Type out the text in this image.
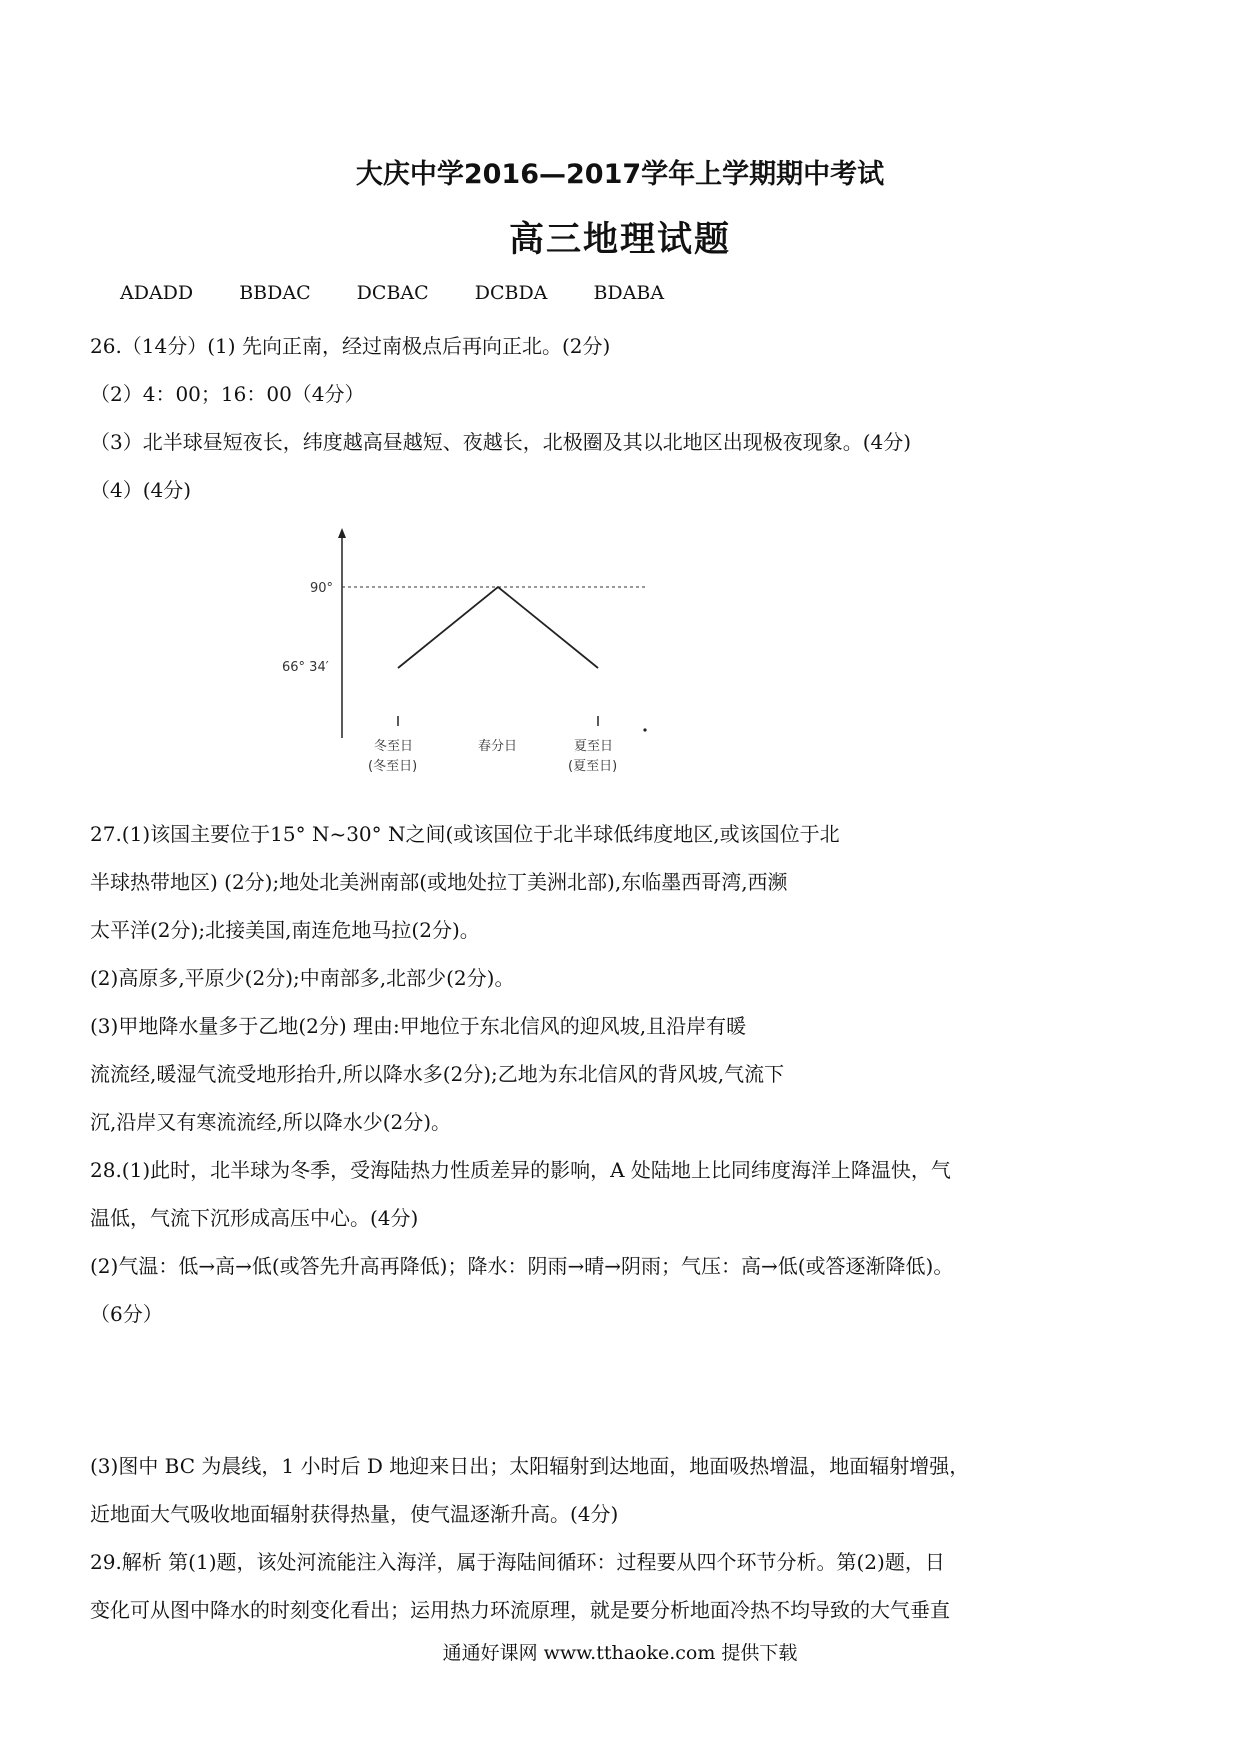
大庆中学2016—2017学年上学期期中考试
高三地理试题
ADADD BBDAC DCBAC DCBDA BDABA
26.（14分）(1) 先向正南，经过南极点后再向正北。(2分)
（2）4：00；16：00（4分）
（3）北半球昼短夜长，纬度越高昼越短、夜越长，北极圈及其以北地区出现极夜现象。(4分)
（4）(4分)
90°
66° 34′
冬至日
(冬至日)
春分日	夏至日
(夏至日)
27.(1)该国主要位于15° N~30° N之间(或该国位于北半球低纬度地区,或该国位于北
半球热带地区) (2分);地处北美洲南部(或地处拉丁美洲北部),东临墨西哥湾,西濒
太平洋(2分);北接美国,南连危地马拉(2分)。
(2)高原多,平原少(2分);中南部多,北部少(2分)。
(3)甲地降水量多于乙地(2分) 理由:甲地位于东北信风的迎风坡,且沿岸有暖
流流经,暖湿气流受地形抬升,所以降水多(2分);乙地为东北信风的背风坡,气流下
沉,沿岸又有寒流流经,所以降水少(2分)。
28.(1)此时，北半球为冬季，受海陆热力性质差异的影响，A 处陆地上比同纬度海洋上降温快，气
温低，气流下沉形成高压中心。(4分)
(2)气温：低→高→低(或答先升高再降低)；降水：阴雨→晴→阴雨；气压：高→低(或答逐渐降低)。
（6分）
(3)图中 BC 为晨线，1 小时后 D 地迎来日出；太阳辐射到达地面，地面吸热增温，地面辐射增强，
近地面大气吸收地面辐射获得热量，使气温逐渐升高。(4分)
29.解析 第(1)题，该处河流能注入海洋，属于海陆间循环：过程要从四个环节分析。第(2)题，日
变化可从图中降水的时刻变化看出；运用热力环流原理，就是要分析地面冷热不均导致的大气垂直
通通好课网 www.tthaoke.com 提供下载
